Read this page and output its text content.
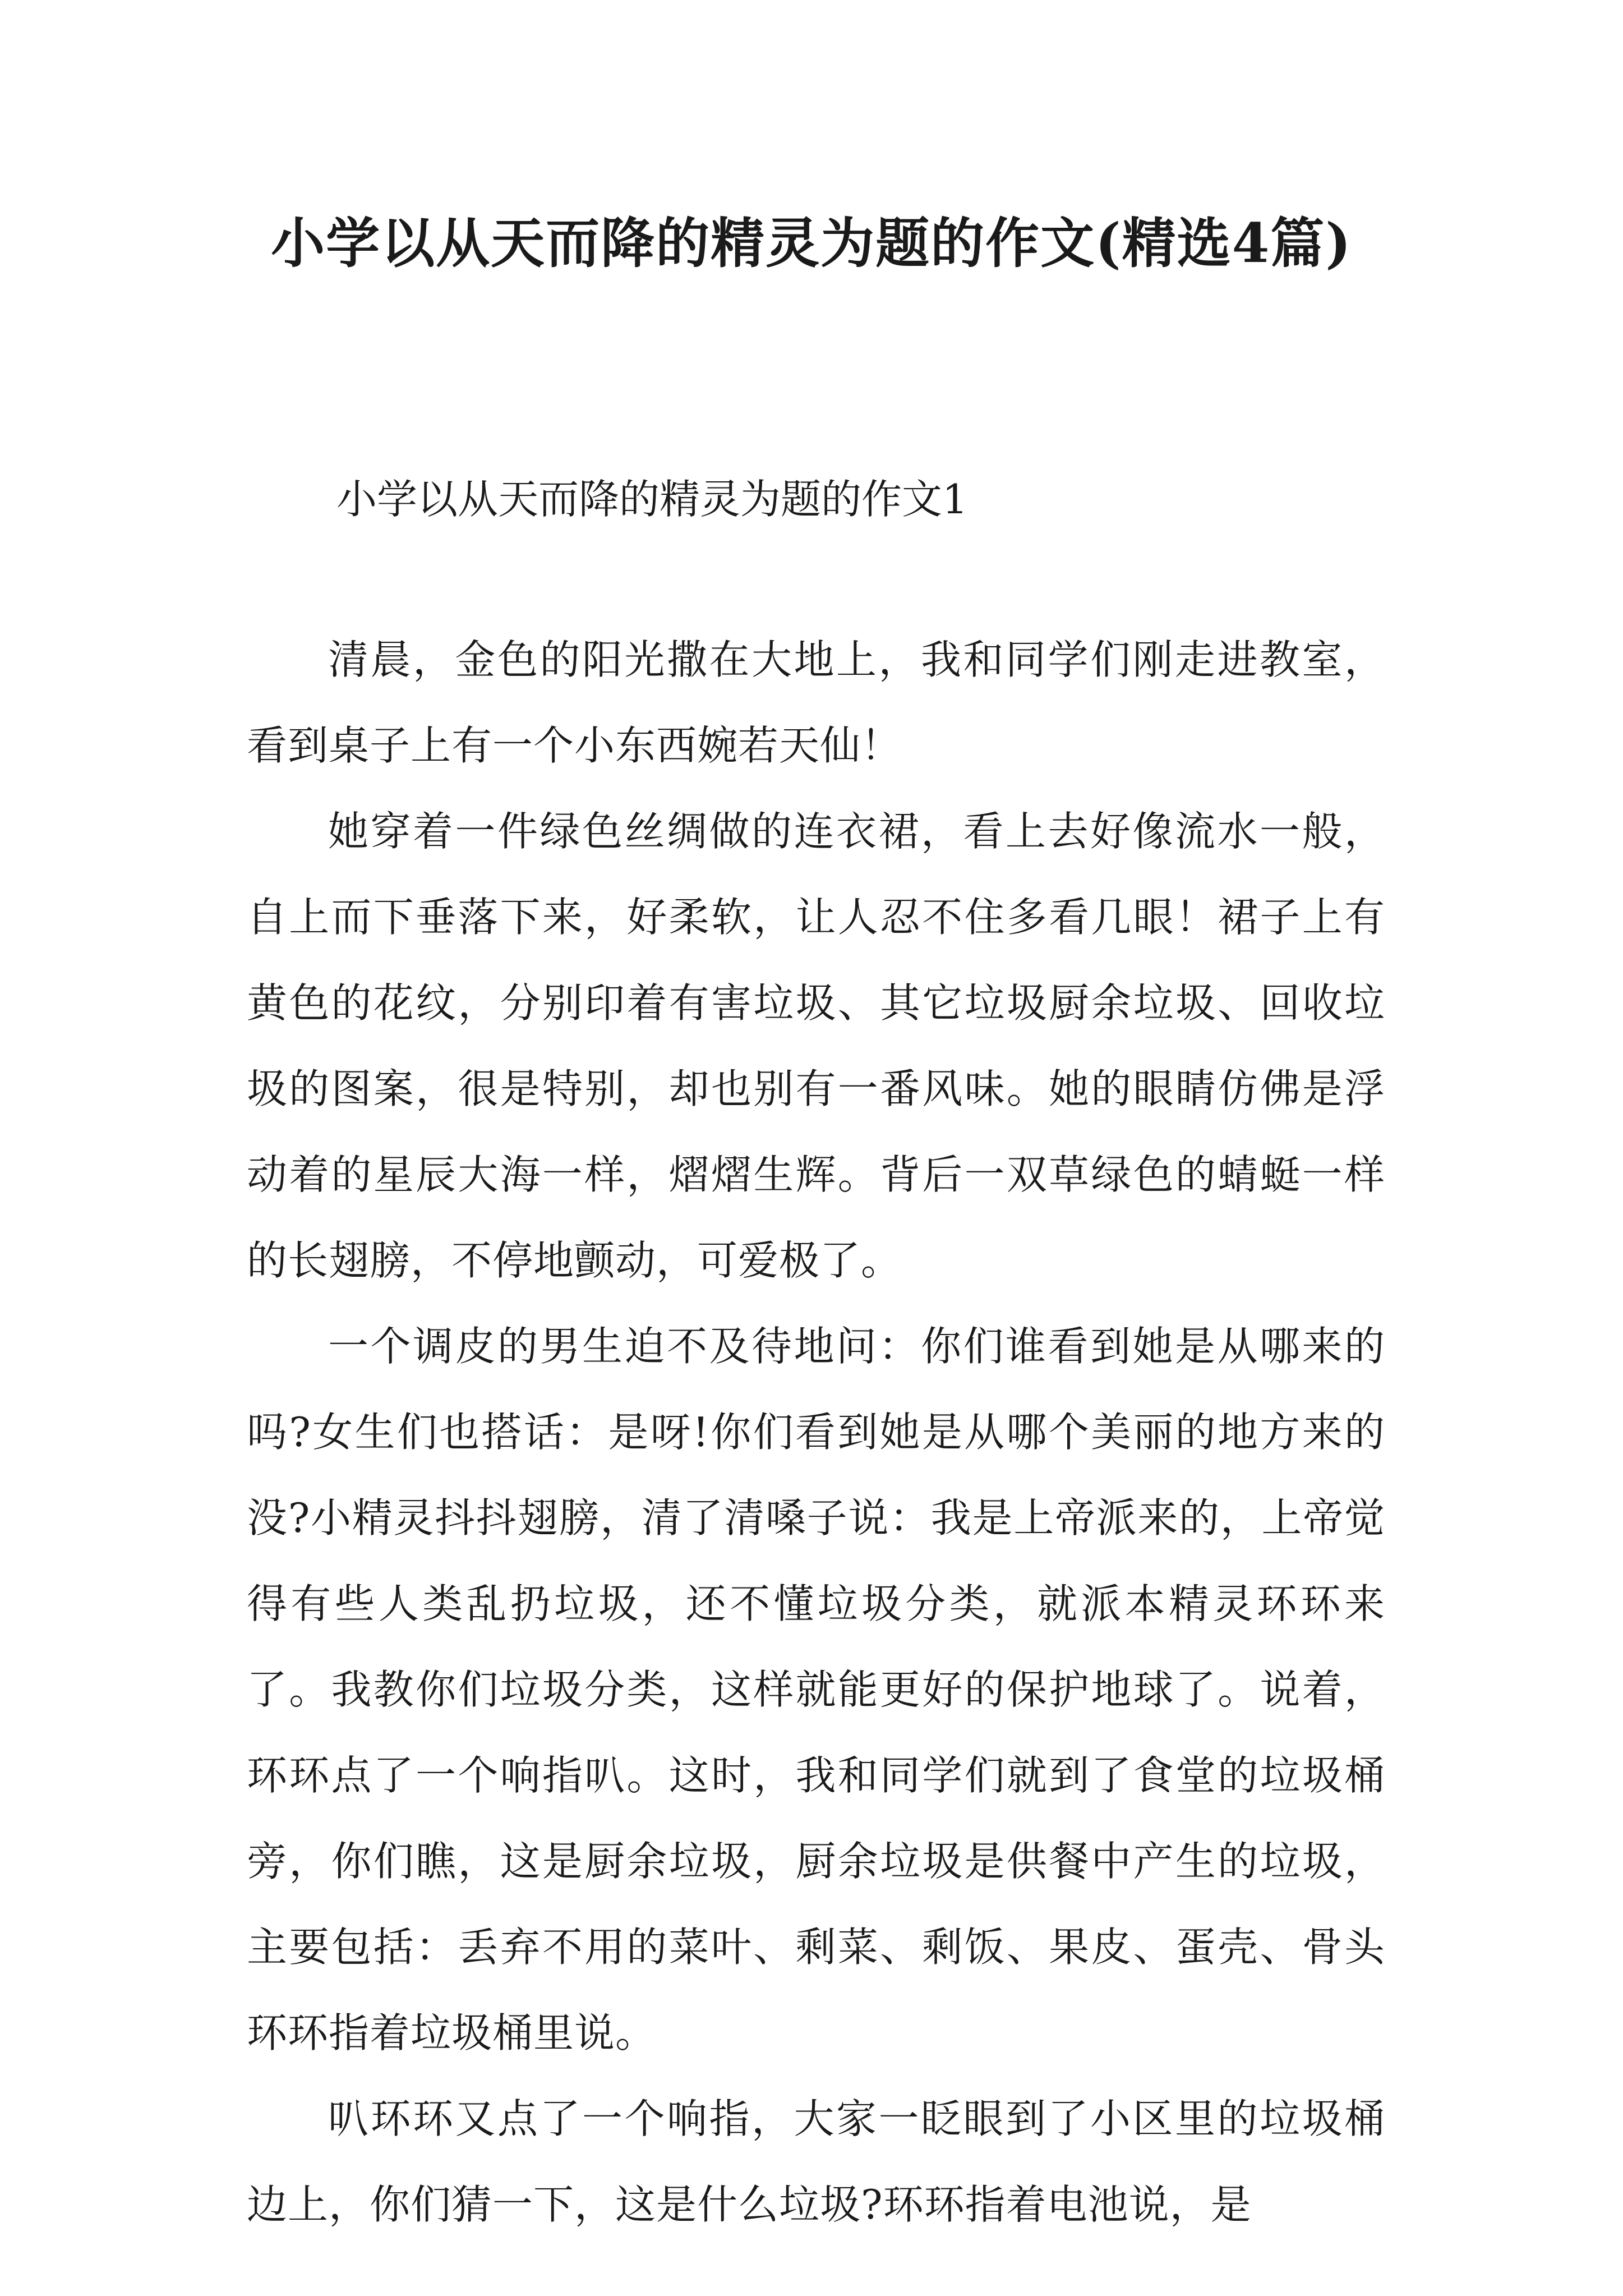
小学以从天而降的精灵为题的作文(精选4篇)

小学以从天而降的精灵为题的作文1

清晨，金色的阳光撒在大地上，我和同学们刚走进教室，看到桌子上有一个小东西婉若天仙！

她穿着一件绿色丝绸做的连衣裙，看上去好像流水一般，自上而下垂落下来，好柔软，让人忍不住多看几眼！裙子上有黄色的花纹，分别印着有害垃圾、其它垃圾厨余垃圾、回收垃圾的图案，很是特别，却也别有一番风味。她的眼睛仿佛是浮动着的星辰大海一样，熠熠生辉。背后一双草绿色的蜻蜓一样的长翅膀，不停地颤动，可爱极了。

一个调皮的男生迫不及待地问：你们谁看到她是从哪来的吗?女生们也搭话：是呀!你们看到她是从哪个美丽的地方来的没?小精灵抖抖翅膀，清了清嗓子说：我是上帝派来的，上帝觉得有些人类乱扔垃圾，还不懂垃圾分类，就派本精灵环环来了。我教你们垃圾分类，这样就能更好的保护地球了。说着，环环点了一个响指叭。这时，我和同学们就到了食堂的垃圾桶旁，你们瞧，这是厨余垃圾，厨余垃圾是供餐中产生的垃圾，主要包括：丢弃不用的菜叶、剩菜、剩饭、果皮、蛋壳、骨头环环指着垃圾桶里说。

叭环环又点了一个响指，大家一眨眼到了小区里的垃圾桶边上，你们猜一下，这是什么垃圾?环环指着电池说，是
